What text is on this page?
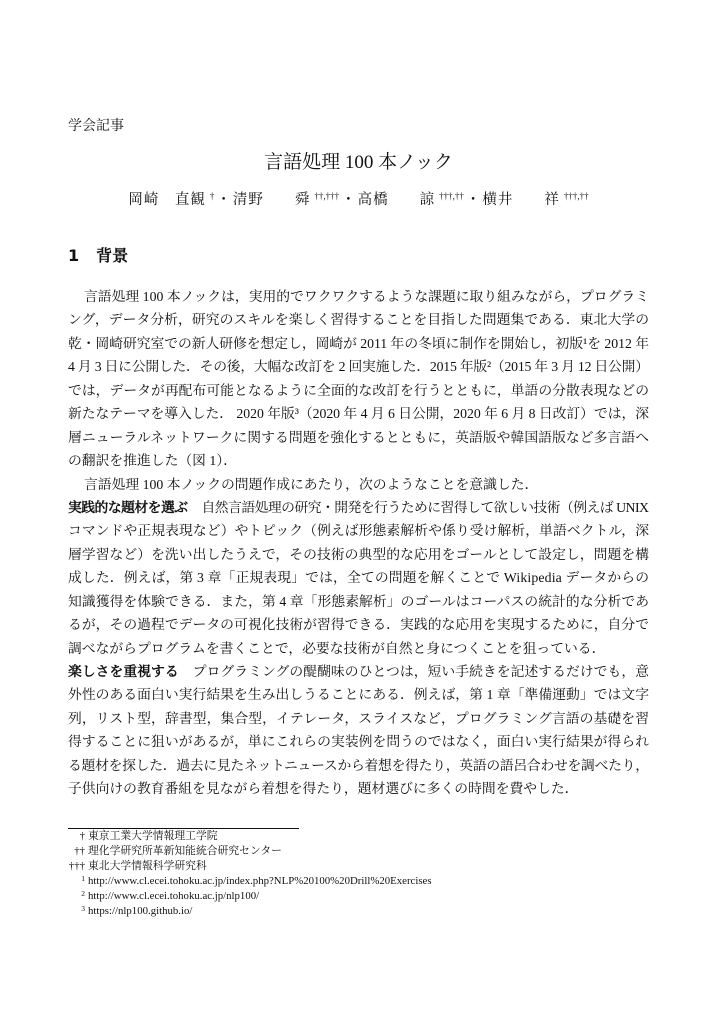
学会記事
言語処理 100 本ノック
岡崎　直観 † ・ 清野　　舜 ††,††† ・ 高橋　　諒 †††,†† ・ 横井　　祥 †††,††
1 背景
言語処理 100 本ノックは，実用的でワクワクするような課題に取り組みながら，プログラミ
ング，データ分析，研究のスキルを楽しく習得することを目指した問題集である．東北大学の
乾・岡崎研究室での新人研修を想定し，岡崎が 2011 年の冬頃に制作を開始し，初版¹を 2012 年
4 月 3 日に公開した．その後，大幅な改訂を 2 回実施した．2015 年版²（2015 年 3 月 12 日公開）
では，データが再配布可能となるように全面的な改訂を行うとともに，単語の分散表現などの
新たなテーマを導入した． 2020 年版³（2020 年 4 月 6 日公開，2020 年 6 月 8 日改訂）では，深
層ニューラルネットワークに関する問題を強化するとともに，英語版や韓国語版など多言語へ
の翻訳を推進した（図 1）．
言語処理 100 本ノックの問題作成にあたり，次のようなことを意識した．
実践的な題材を選ぶ 自然言語処理の研究・開発を行うために習得して欲しい技術（例えば UNIX
コマンドや正規表現など）やトピック（例えば形態素解析や係り受け解析，単語ベクトル，深
層学習など）を洗い出したうえで，その技術の典型的な応用をゴールとして設定し，問題を構
成した．例えば，第 3 章「正規表現」では，全ての問題を解くことで Wikipedia データからの
知識獲得を体験できる．また，第 4 章「形態素解析」のゴールはコーパスの統計的な分析であ
るが，その過程でデータの可視化技術が習得できる．実践的な応用を実現するために，自分で
調べながらプログラムを書くことで，必要な技術が自然と身につくことを狙っている．
楽しさを重視する プログラミングの醍醐味のひとつは，短い手続きを記述するだけでも，意
外性のある面白い実行結果を生み出しうることにある．例えば，第 1 章「準備運動」では文字
列，リスト型，辞書型，集合型，イテレータ，スライスなど，プログラミング言語の基礎を習
得することに狙いがあるが，単にこれらの実装例を問うのではなく，面白い実行結果が得られ
る題材を探した．過去に見たネットニュースから着想を得たり，英語の語呂合わせを調べたり，
子供向けの教育番組を見ながら着想を得たり，題材選びに多くの時間を費やした．
† 東京工業大学情報理工学院
†† 理化学研究所革新知能統合研究センター
††† 東北大学情報科学研究科
1 http://www.cl.ecei.tohoku.ac.jp/index.php?NLP%20100%20Drill%20Exercises
2 http://www.cl.ecei.tohoku.ac.jp/nlp100/
3 https://nlp100.github.io/
